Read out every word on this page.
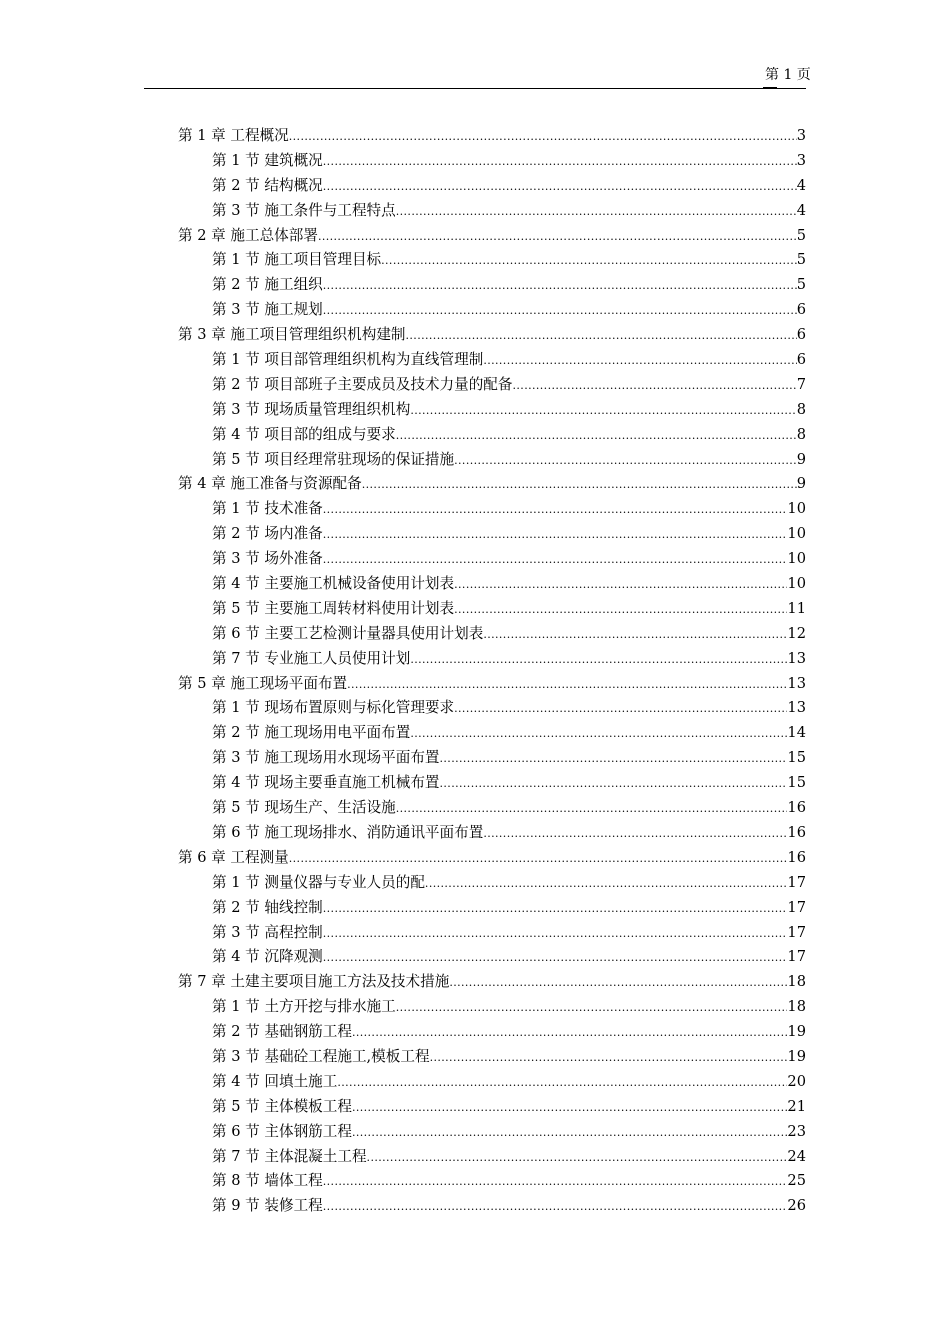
第 1 页
第 1 章 工程概况 .....	3
第 1 节 建筑概况 .....	3
第 2 节 结构概况 .....	4
第 3 节 施工条件与工程特点 .....	4
第 2 章 施工总体部署 .....	5
第 1 节 施工项目管理目标 .....	5
第 2 节 施工组织 .....	5
第 3 节 施工规划 .....	6
第 3 章 施工项目管理组织机构建制 .....	6
第 1 节 项目部管理组织机构为直线管理制 .....	6
第 2 节 项目部班子主要成员及技术力量的配备 .....	7
第 3 节 现场质量管理组织机构 .....	8
第 4 节 项目部的组成与要求 .....	8
第 5 节 项目经理常驻现场的保证措施 .....	9
第 4 章 施工准备与资源配备 .....	9
第 1 节 技术准备 .....	10
第 2 节 场内准备 .....	10
第 3 节 场外准备 .....	10
第 4 节 主要施工机械设备使用计划表 .....	10
第 5 节 主要施工周转材料使用计划表 .....	11
第 6 节 主要工艺检测计量器具使用计划表 .....	12
第 7 节 专业施工人员使用计划 .....	13
第 5 章 施工现场平面布置 .....	13
第 1 节 现场布置原则与标化管理要求 .....	13
第 2 节 施工现场用电平面布置 .....	14
第 3 节 施工现场用水现场平面布置 .....	15
第 4 节 现场主要垂直施工机械布置 .....	15
第 5 节 现场生产、生活设施 .....	16
第 6 节 施工现场排水、消防通讯平面布置 .....	16
第 6 章 工程测量 .....	16
第 1 节 测量仪器与专业人员的配 .....	17
第 2 节 轴线控制 .....	17
第 3 节 高程控制 .....	17
第 4 节 沉降观测 .....	17
第 7 章 土建主要项目施工方法及技术措施 .....	18
第 1 节 土方开挖与排水施工 .....	18
第 2 节 基础钢筋工程 .....	19
第 3 节 基础砼工程施工,模板工程 .....	19
第 4 节 回填土施工 .....	20
第 5 节 主体模板工程 .....	21
第 6 节 主体钢筋工程 .....	23
第 7 节 主体混凝土工程 .....	24
第 8 节 墙体工程 .....	25
第 9 节 装修工程 .....	26
